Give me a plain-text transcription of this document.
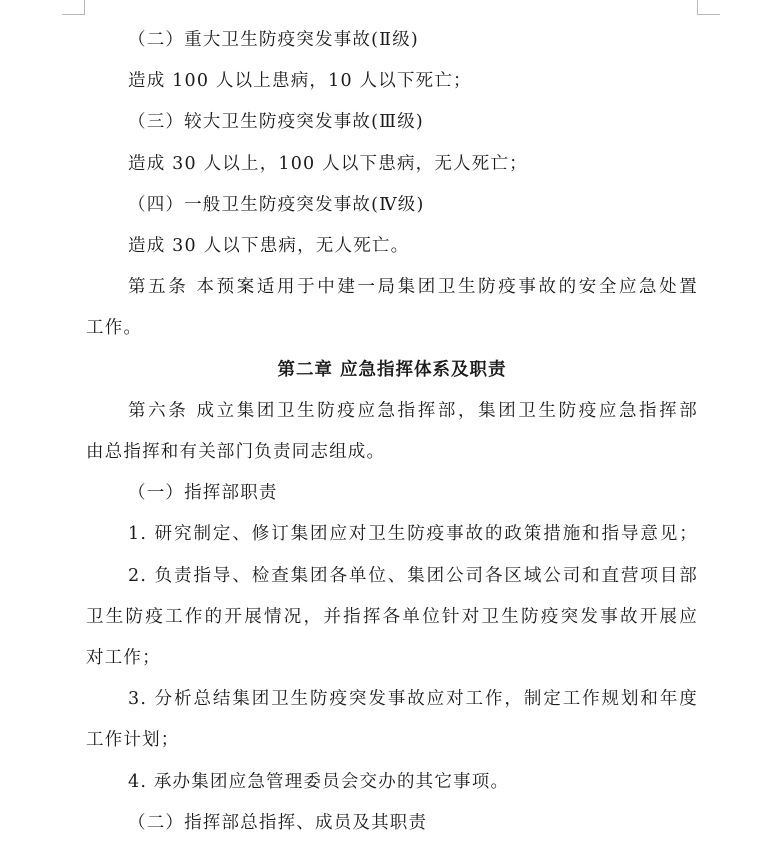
（二）重大卫生防疫突发事故(Ⅱ级)

造成 100 人以上患病，10 人以下死亡；

（三）较大卫生防疫突发事故(Ⅲ级)

造成 30 人以上，100 人以下患病，无人死亡；

（四）一般卫生防疫突发事故(Ⅳ级)

造成 30 人以下患病，无人死亡。

第五条 本预案适用于中建一局集团卫生防疫事故的安全应急处置

工作。

第二章 应急指挥体系及职责

第六条 成立集团卫生防疫应急指挥部，集团卫生防疫应急指挥部

由总指挥和有关部门负责同志组成。

（一）指挥部职责

1. 研究制定、修订集团应对卫生防疫事故的政策措施和指导意见；

2. 负责指导、检查集团各单位、集团公司各区域公司和直营项目部

卫生防疫工作的开展情况，并指挥各单位针对卫生防疫突发事故开展应

对工作；

3. 分析总结集团卫生防疫突发事故应对工作，制定工作规划和年度

工作计划；

4. 承办集团应急管理委员会交办的其它事项。

（二）指挥部总指挥、成员及其职责
